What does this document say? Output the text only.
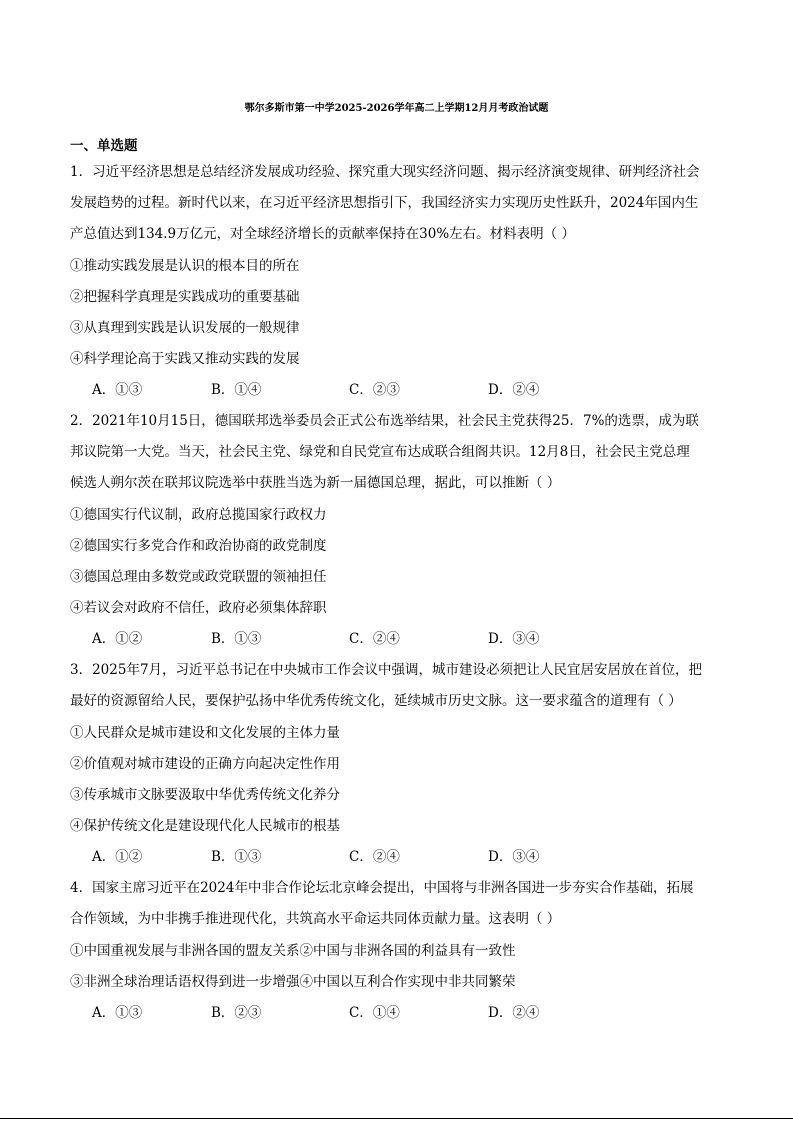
鄂尔多斯市第一中学2025-2026学年高二上学期12月月考政治试题
一、单选题
1．习近平经济思想是总结经济发展成功经验、探究重大现实经济问题、揭示经济演变规律、研判经济社会
发展趋势的过程。新时代以来，在习近平经济思想指引下，我国经济实力实现历史性跃升，2024年国内生
产总值达到134.9万亿元，对全球经济增长的贡献率保持在30%左右。材料表明（ ）
①推动实践发展是认识的根本目的所在
②把握科学真理是实践成功的重要基础
③从真理到实践是认识发展的一般规律
④科学理论高于实践又推动实践的发展
A．①③	B．①④	C．②③	D．②④
2．2021年10月15日，德国联邦选举委员会正式公布选举结果，社会民主党获得25．7%的选票，成为联
邦议院第一大党。当天，社会民主党、绿党和自民党宣布达成联合组阁共识。12月8日，社会民主党总理
候选人朔尔茨在联邦议院选举中获胜当选为新一届德国总理，据此，可以推断（ ）
①德国实行代议制，政府总揽国家行政权力
②德国实行多党合作和政治协商的政党制度
③德国总理由多数党或政党联盟的领袖担任
④若议会对政府不信任，政府必须集体辞职
A．①②	B．①③	C．②④	D．③④
3．2025年7月，习近平总书记在中央城市工作会议中强调，城市建设必须把让人民宜居安居放在首位，把
最好的资源留给人民，要保护弘扬中华优秀传统文化，延续城市历史文脉。这一要求蕴含的道理有（ ）
①人民群众是城市建设和文化发展的主体力量
②价值观对城市建设的正确方向起决定性作用
③传承城市文脉要汲取中华优秀传统文化养分
④保护传统文化是建设现代化人民城市的根基
A．①②	B．①③	C．②④	D．③④
4．国家主席习近平在2024年中非合作论坛北京峰会提出，中国将与非洲各国进一步夯实合作基础，拓展
合作领域，为中非携手推进现代化，共筑高水平命运共同体贡献力量。这表明（ ）
①中国重视发展与非洲各国的盟友关系②中国与非洲各国的利益具有一致性
③非洲全球治理话语权得到进一步增强④中国以互利合作实现中非共同繁荣
A．①③	B．②③	C．①④	D．②④
